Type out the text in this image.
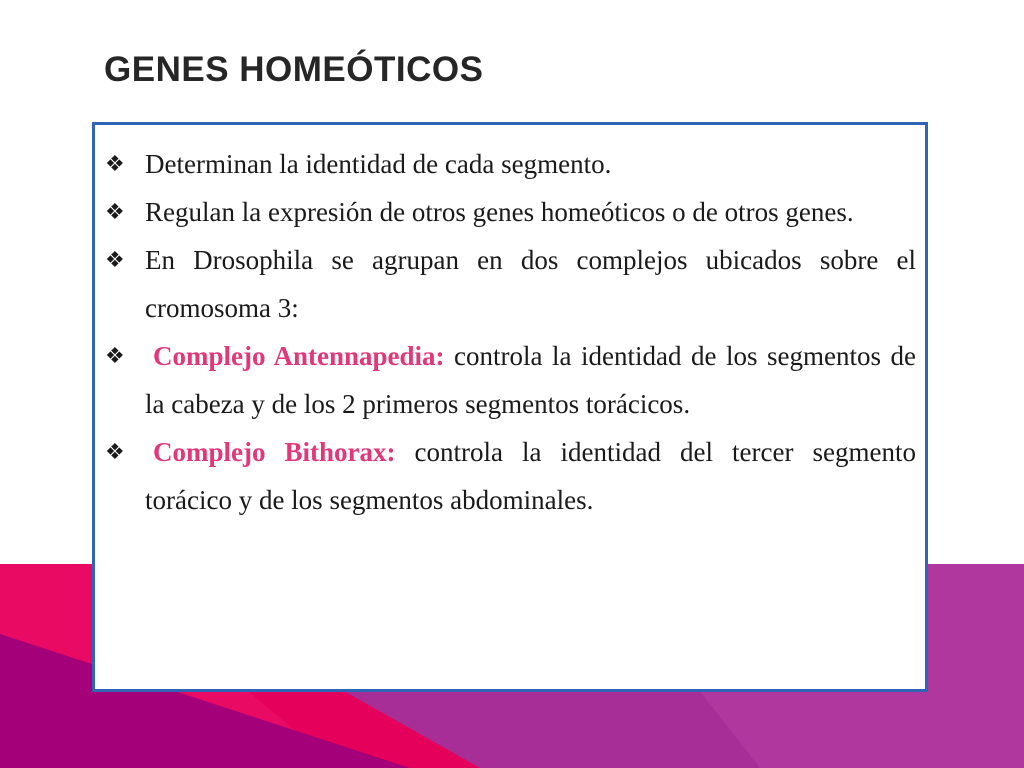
GENES HOMEÓTICOS
❖ Determinan la identidad de cada segmento.
❖ Regulan la expresión de otros genes homeóticos o de otros genes.
❖ En Drosophila se agrupan en dos complejos ubicados sobre el cromosoma 3:
❖	Complejo Antennapedia: controla la identidad de los segmentos de la cabeza y de los 2 primeros segmentos torácicos.
❖	Complejo Bithorax: controla la identidad del tercer segmento torácico y de los segmentos abdominales.
